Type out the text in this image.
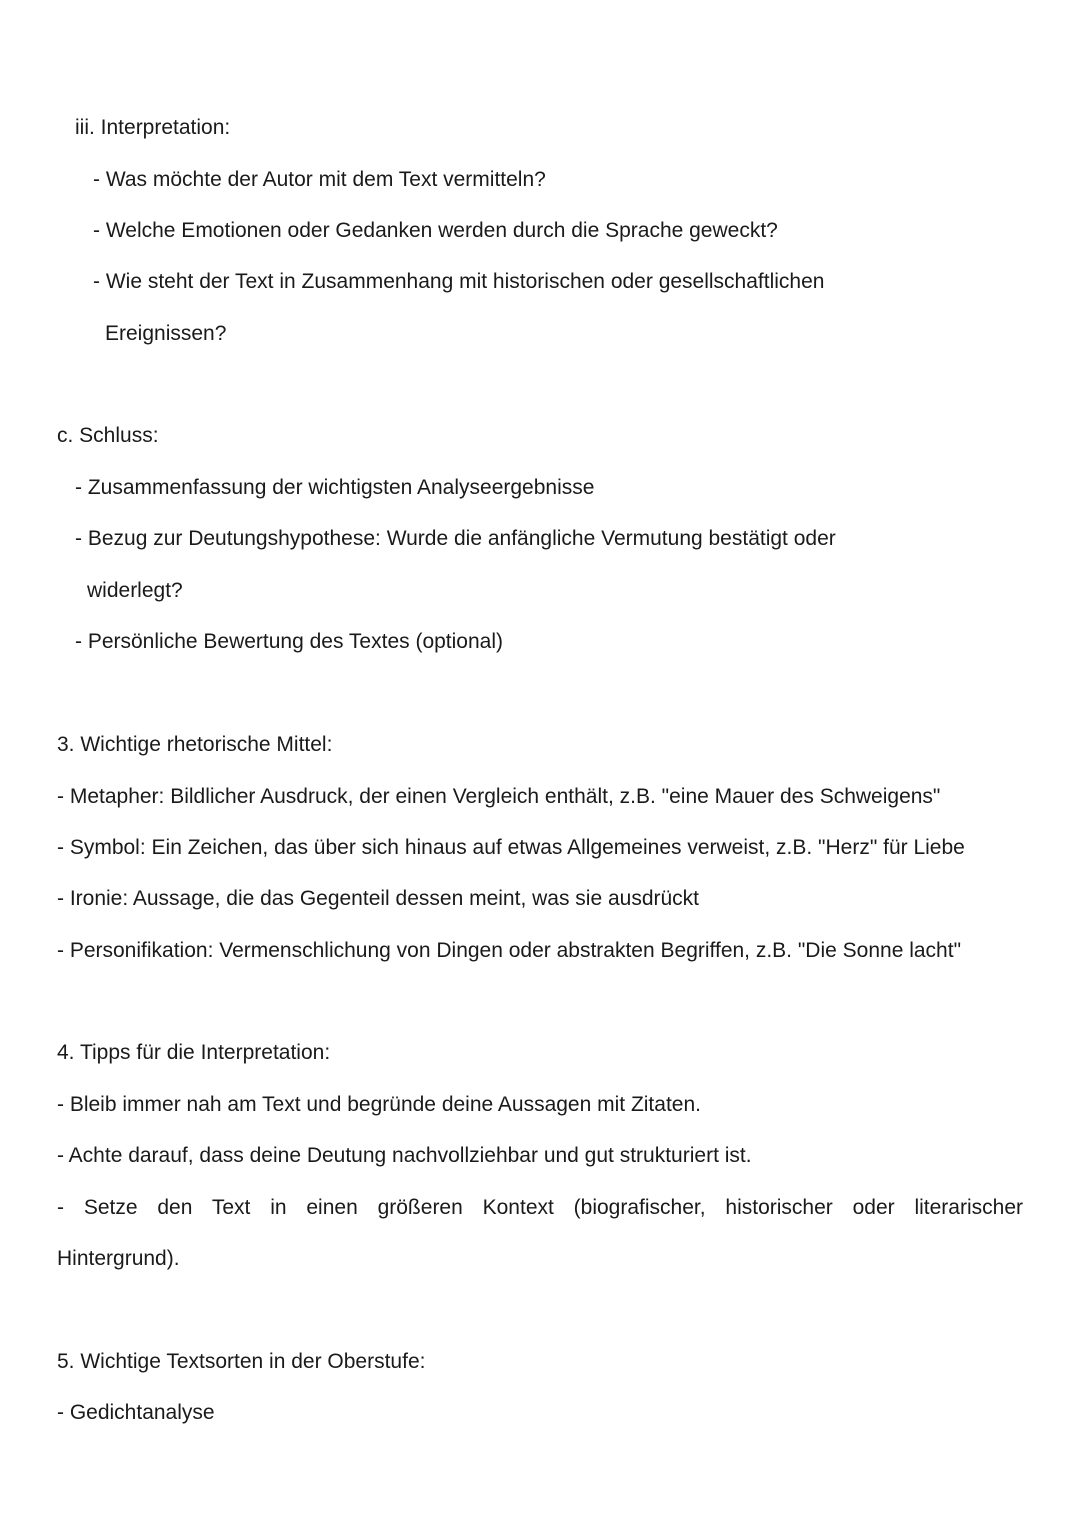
iii. Interpretation:
- Was möchte der Autor mit dem Text vermitteln?
- Welche Emotionen oder Gedanken werden durch die Sprache geweckt?
- Wie steht der Text in Zusammenhang mit historischen oder gesellschaftlichen
Ereignissen?
c. Schluss:
- Zusammenfassung der wichtigsten Analyseergebnisse
- Bezug zur Deutungshypothese: Wurde die anfängliche Vermutung bestätigt oder
widerlegt?
- Persönliche Bewertung des Textes (optional)
3. Wichtige rhetorische Mittel:
- Metapher: Bildlicher Ausdruck, der einen Vergleich enthält, z.B. "eine Mauer des Schweigens"
- Symbol: Ein Zeichen, das über sich hinaus auf etwas Allgemeines verweist, z.B. "Herz" für Liebe
- Ironie: Aussage, die das Gegenteil dessen meint, was sie ausdrückt
- Personifikation: Vermenschlichung von Dingen oder abstrakten Begriffen, z.B. "Die Sonne lacht"
4. Tipps für die Interpretation:
- Bleib immer nah am Text und begründe deine Aussagen mit Zitaten.
- Achte darauf, dass deine Deutung nachvollziehbar und gut strukturiert ist.
- Setze den Text in einen größeren Kontext (biografischer, historischer oder literarischer
Hintergrund).
5. Wichtige Textsorten in der Oberstufe:
- Gedichtanalyse
